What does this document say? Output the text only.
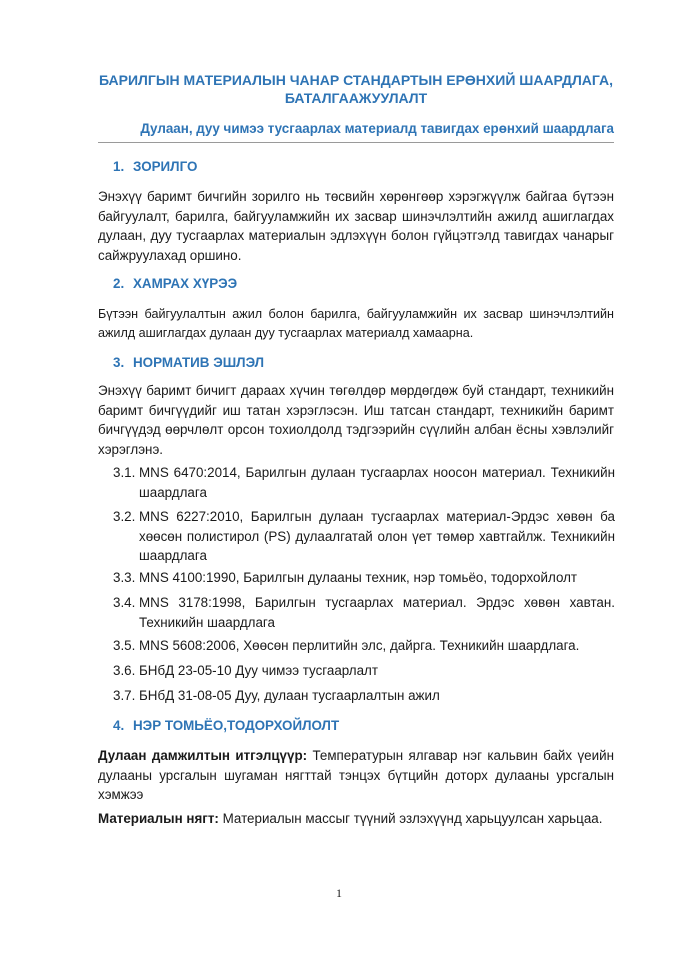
БАРИЛГЫН МАТЕРИАЛЫН ЧАНАР СТАНДАРТЫН ЕРӨНХИЙ ШААРДЛАГА, БАТАЛГААЖУУЛАЛТ
Дулаан, дуу чимээ тусгаарлах материалд тавигдах ерөнхий шаардлага
1. ЗОРИЛГО
Энэхүү баримт бичгийн зорилго нь төсвийн хөрөнгөөр хэрэгжүүлж байгаа бүтээн байгуулалт, барилга, байгууламжийн их засвар шинэчлэлтийн ажилд ашиглагдах дулаан, дуу тусгаарлах материалын эдлэхүүн болон гүйцэтгэлд тавигдах чанарыг сайжруулахад оршино.
2. ХАМРАХ ХҮРЭЭ
Бүтээн байгуулалтын ажил болон барилга, байгууламжийн их засвар шинэчлэлтийн ажилд ашиглагдах дулаан дуу тусгаарлах материалд хамаарна.
3. НОРМАТИВ ЭШЛЭЛ
Энэхүү баримт бичигт дараах хүчин төгөлдөр мөрдөгдөж буй стандарт, техникийн баримт бичгүүдийг иш татан хэрэглэсэн. Иш татсан стандарт, техникийн баримт бичгүүдэд өөрчлөлт орсон тохиолдолд тэдгээрийн сүүлийн албан ёсны хэвлэлийг хэрэглэнэ.
3.1. MNS 6470:2014, Барилгын дулаан тусгаарлах ноосон материал. Техникийн шаардлага
3.2. MNS 6227:2010, Барилгын дулаан тусгаарлах материал-Эрдэс хөвөн ба хөөсөн полистирол (PS) дулаалгатай олон үет төмөр хавтгайлж. Техникийн шаардлага
3.3. MNS 4100:1990, Барилгын дулааны техник, нэр томьёо, тодорхойлолт
3.4. MNS 3178:1998, Барилгын тусгаарлах материал. Эрдэс хөвөн хавтан. Техникийн шаардлага
3.5. MNS 5608:2006, Хөөсөн перлитийн элс, дайрга. Техникийн шаардлага.
3.6. БНбД 23-05-10 Дуу чимээ тусгаарлалт
3.7. БНбД 31-08-05 Дуу, дулаан тусгаарлалтын ажил
4. НЭР ТОМЬЁО,ТОДОРХОЙЛОЛТ
Дулаан дамжилтын итгэлцүүр: Температурын ялгавар нэг кальвин байх үеийн дулааны урсгалын шугаман нягттай тэнцэх бүтцийн доторх дулааны урсгалын хэмжээ
Материалын нягт: Материалын массыг түүний эзлэхүүнд харьцуулсан харьцаа.
1
